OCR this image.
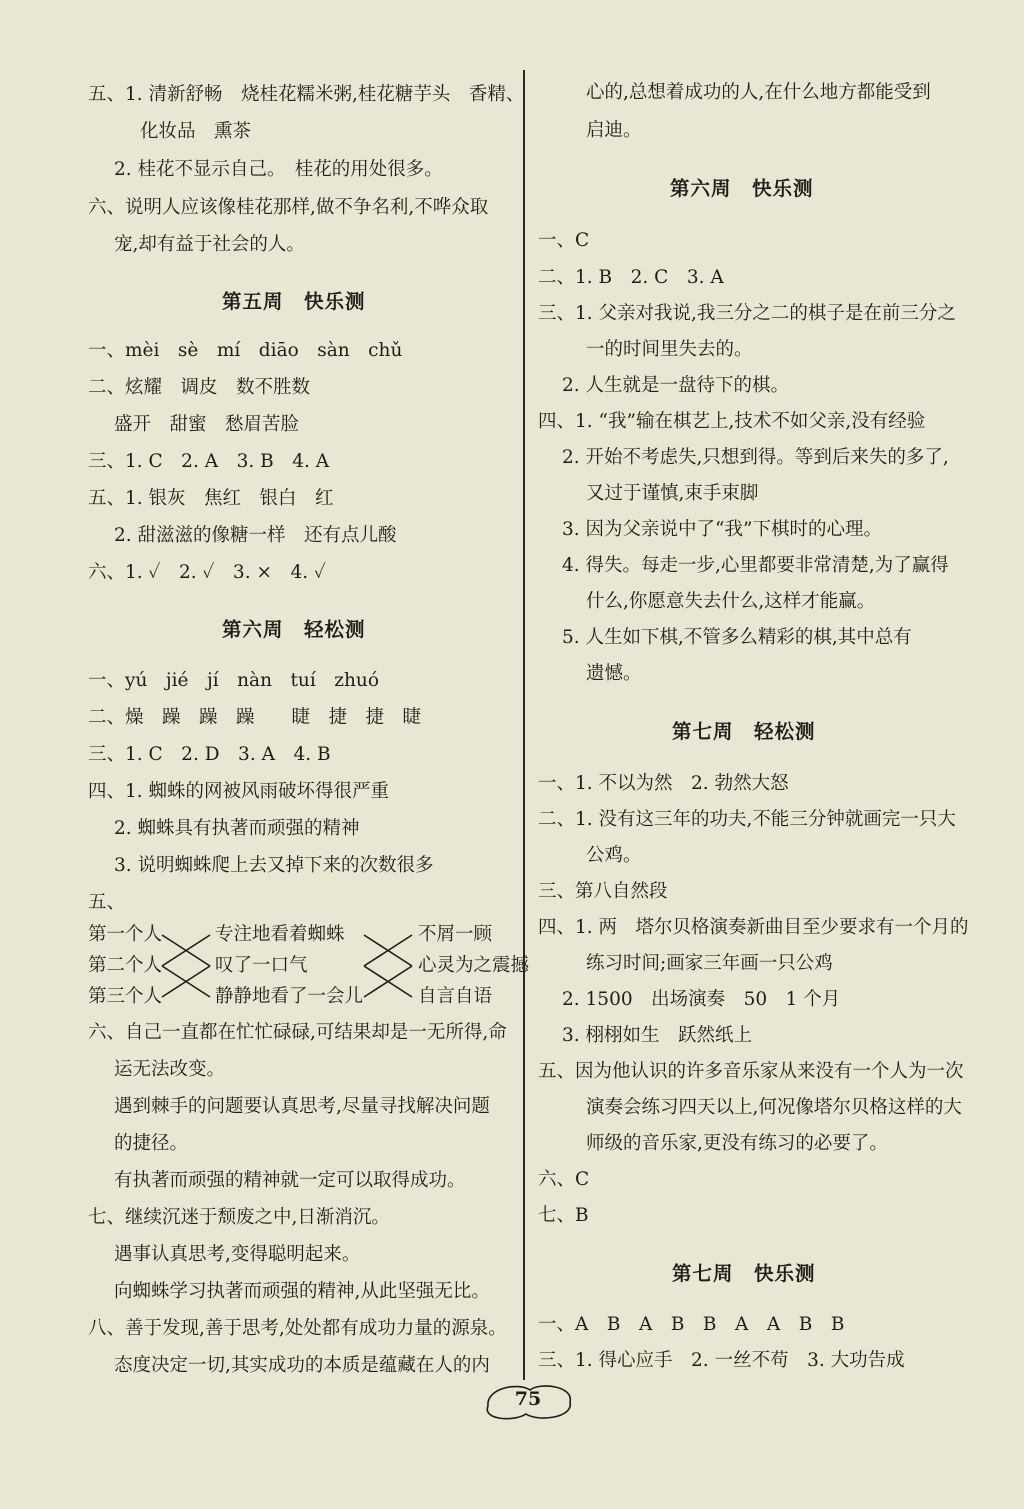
五、1. 清新舒畅　烧桂花糯米粥,桂花糖芋头　香精、
化妆品　熏茶
2. 桂花不显示自己。　桂花的用处很多。
六、说明人应该像桂花那样,做不争名利,不哗众取
宠,却有益于社会的人。
第五周　快乐测
一、mèi　sè　mí　diāo　sàn　chǔ
二、炫耀　调皮　数不胜数
盛开　甜蜜　愁眉苦脸
三、1. C　2. A　3. B　4. A
五、1. 银灰　焦红　银白　红
2. 甜滋滋的像糖一样　还有点儿酸
六、1. ✓　2. ✓　3. ×　4. ✓
第六周　轻松测
一、yú　jié　jí　nàn　tuí　zhuó
二、燥　躁　躁　躁　　睫　捷　捷　睫
三、1. C　2. D　3. A　4. B
四、1. 蜘蛛的网被风雨破坏得很严重
2. 蜘蛛具有执著而顽强的精神
3. 说明蜘蛛爬上去又掉下来的次数很多
五、
第一个人
第二个人
第三个人
专注地看着蜘蛛
叹了一口气
静静地看了一会儿
不屑一顾
心灵为之震撼
自言自语
六、自己一直都在忙忙碌碌,可结果却是一无所得,命
运无法改变。
遇到棘手的问题要认真思考,尽量寻找解决问题
的捷径。
有执著而顽强的精神就一定可以取得成功。
七、继续沉迷于颓废之中,日渐消沉。
遇事认真思考,变得聪明起来。
向蜘蛛学习执著而顽强的精神,从此坚强无比。
八、善于发现,善于思考,处处都有成功力量的源泉。
态度决定一切,其实成功的本质是蕴藏在人的内
心的,总想着成功的人,在什么地方都能受到
启迪。
第六周　快乐测
一、C
二、1. B　2. C　3. A
三、1. 父亲对我说,我三分之二的棋子是在前三分之
一的时间里失去的。
2. 人生就是一盘待下的棋。
四、1. “我”输在棋艺上,技术不如父亲,没有经验
2. 开始不考虑失,只想到得。等到后来失的多了,
又过于谨慎,束手束脚
3. 因为父亲说中了“我”下棋时的心理。
4. 得失。每走一步,心里都要非常清楚,为了赢得
什么,你愿意失去什么,这样才能赢。
5. 人生如下棋,不管多么精彩的棋,其中总有
遗憾。
第七周　轻松测
一、1. 不以为然　2. 勃然大怒
二、1. 没有这三年的功夫,不能三分钟就画完一只大
公鸡。
三、第八自然段
四、1. 两　塔尔贝格演奏新曲目至少要求有一个月的
练习时间;画家三年画一只公鸡
2. 1500　出场演奏　50　1 个月
3. 栩栩如生　跃然纸上
五、因为他认识的许多音乐家从来没有一个人为一次
演奏会练习四天以上,何况像塔尔贝格这样的大
师级的音乐家,更没有练习的必要了。
六、C
七、B
第七周　快乐测
一、A　B　A　B　B　A　A　B　B
三、1. 得心应手　2. 一丝不苟　3. 大功告成
75
